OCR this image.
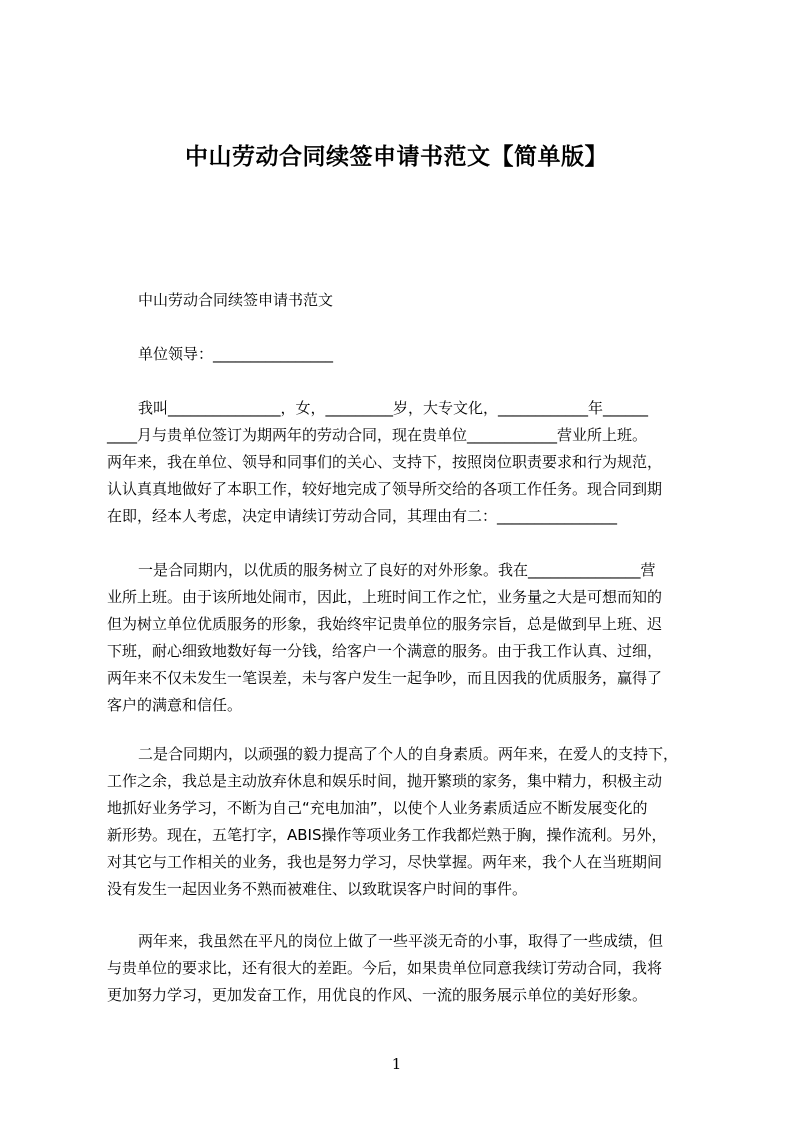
中山劳动合同续签申请书范文【简单版】
中山劳动合同续签申请书范文
单位领导：________________
我叫_______________，女，_________岁，大专文化，____________年______
____月与贵单位签订为期两年的劳动合同，现在贵单位____________营业所上班。
两年来，我在单位、领导和同事们的关心、支持下，按照岗位职责要求和行为规范，
认认真真地做好了本职工作，较好地完成了领导所交给的各项工作任务。现合同到期
在即，经本人考虑，决定申请续订劳动合同，其理由有二：________________
一是合同期内，以优质的服务树立了良好的对外形象。我在_______________营
业所上班。由于该所地处闹市，因此，上班时间工作之忙，业务量之大是可想而知的
但为树立单位优质服务的形象，我始终牢记贵单位的服务宗旨，总是做到早上班、迟
下班，耐心细致地数好每一分钱，给客户一个满意的服务。由于我工作认真、过细，
两年来不仅未发生一笔误差，未与客户发生一起争吵，而且因我的优质服务，赢得了
客户的满意和信任。
二是合同期内，以顽强的毅力提高了个人的自身素质。两年来，在爱人的支持下，
工作之余，我总是主动放弃休息和娱乐时间，抛开繁琐的家务，集中精力，积极主动
地抓好业务学习，不断为自己“充电加油”，以使个人业务素质适应不断发展变化的
新形势。现在，五笔打字，ABIS操作等项业务工作我都烂熟于胸，操作流利。另外，
对其它与工作相关的业务，我也是努力学习，尽快掌握。两年来，我个人在当班期间
没有发生一起因业务不熟而被难住、以致耽误客户时间的事件。
两年来，我虽然在平凡的岗位上做了一些平淡无奇的小事，取得了一些成绩，但
与贵单位的要求比，还有很大的差距。今后，如果贵单位同意我续订劳动合同，我将
更加努力学习，更加发奋工作，用优良的作风、一流的服务展示单位的美好形象。
1
